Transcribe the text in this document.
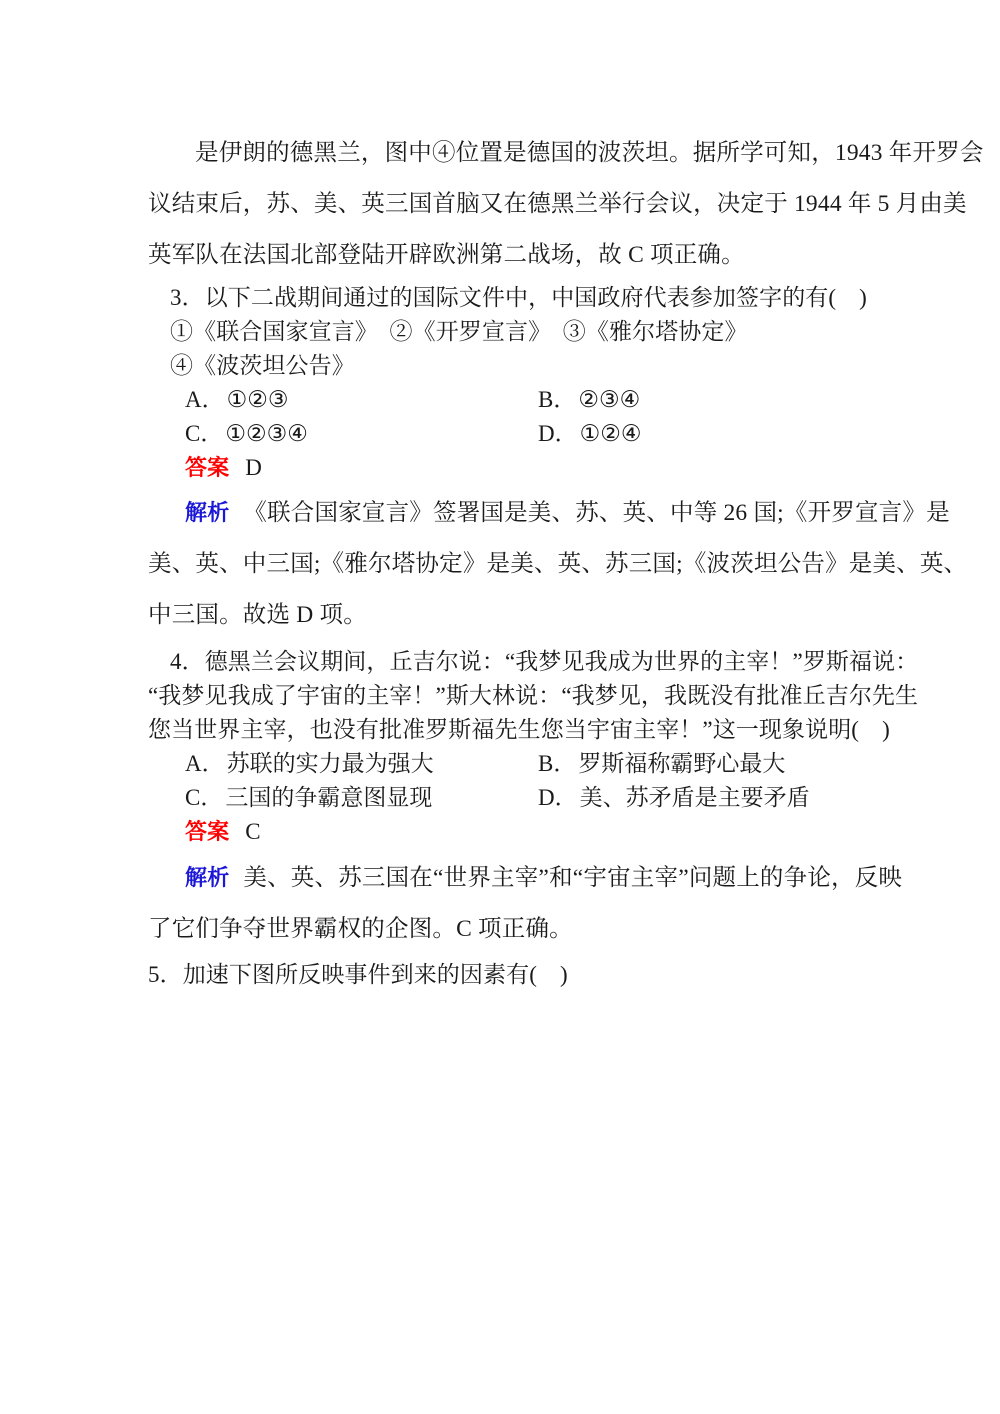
是伊朗的德黑兰，图中④位置是德国的波茨坦。据所学可知，1943 年开罗会
议结束后，苏、美、英三国首脑又在德黑兰举行会议，决定于 1944 年 5 月由美
英军队在法国北部登陆开辟欧洲第二战场，故 C 项正确。
3．以下二战期间通过的国际文件中，中国政府代表参加签字的有( )
①《联合国家宣言》　②《开罗宣言》　③《雅尔塔协定》
④《波茨坦公告》
A．①②③	B．②③④
C．①②③④	D．①②④
答案 D
解析 《联合国家宣言》签署国是美、苏、英、中等 26 国;《开罗宣言》是
美、英、中三国;《雅尔塔协定》是美、英、苏三国;《波茨坦公告》是美、英、
中三国。故选 D 项。
4．德黑兰会议期间，丘吉尔说：“我梦见我成为世界的主宰！”罗斯福说：
“我梦见我成了宇宙的主宰！”斯大林说：“我梦见，我既没有批准丘吉尔先生
您当世界主宰，也没有批准罗斯福先生您当宇宙主宰！”这一现象说明( )
A．苏联的实力最为强大	B．罗斯福称霸野心最大
C．三国的争霸意图显现	D．美、苏矛盾是主要矛盾
答案 C
解析 美、英、苏三国在“世界主宰”和“宇宙主宰”问题上的争论，反映
了它们争夺世界霸权的企图。C 项正确。
5．加速下图所反映事件到来的因素有( )
